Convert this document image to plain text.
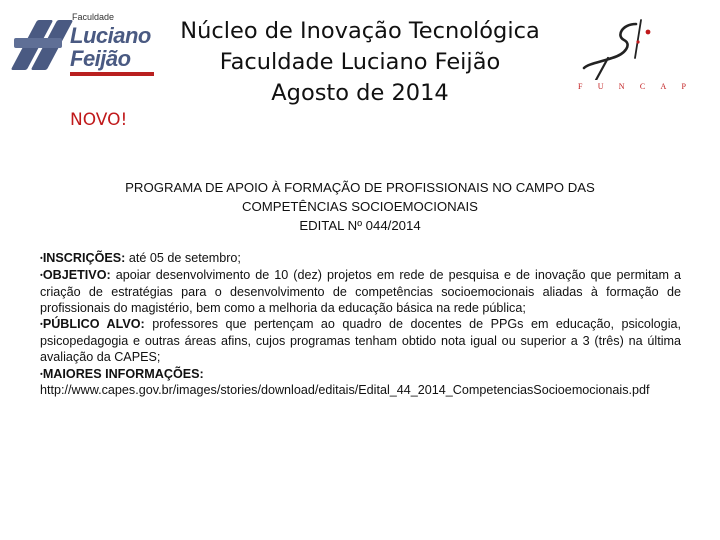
Faculdade
Luciano
Feijão
NOVO!
Núcleo de Inovação Tecnológica
Faculdade Luciano Feijão
Agosto de 2014	F U N C A P
PROGRAMA DE APOIO À FORMAÇÃO DE PROFISSIONAIS NO CAMPO DAS
COMPETÊNCIAS SOCIOEMOCIONAIS
EDITAL Nº 044/2014

•INSCRIÇÕES: até 05 de setembro;

•OBJETIVO: apoiar desenvolvimento de 10 (dez) projetos em rede de pesquisa e de inovação que permitam a criação de estratégias para o desenvolvimento de competências socioemocionais aliadas à formação de profissionais do magistério, bem como a melhoria da educação básica na rede pública;

•PÚBLICO ALVO: professores que pertençam ao quadro de docentes de PPGs em educação, psicologia, psicopedagogia e outras áreas afins, cujos programas tenham obtido nota igual ou superior a 3 (três) na última avaliação da CAPES;

•MAIORES INFORMAÇÕES:

http://www.capes.gov.br/images/stories/download/editais/Edital_44_2014_CompetenciasSocioemocionais.pdf
